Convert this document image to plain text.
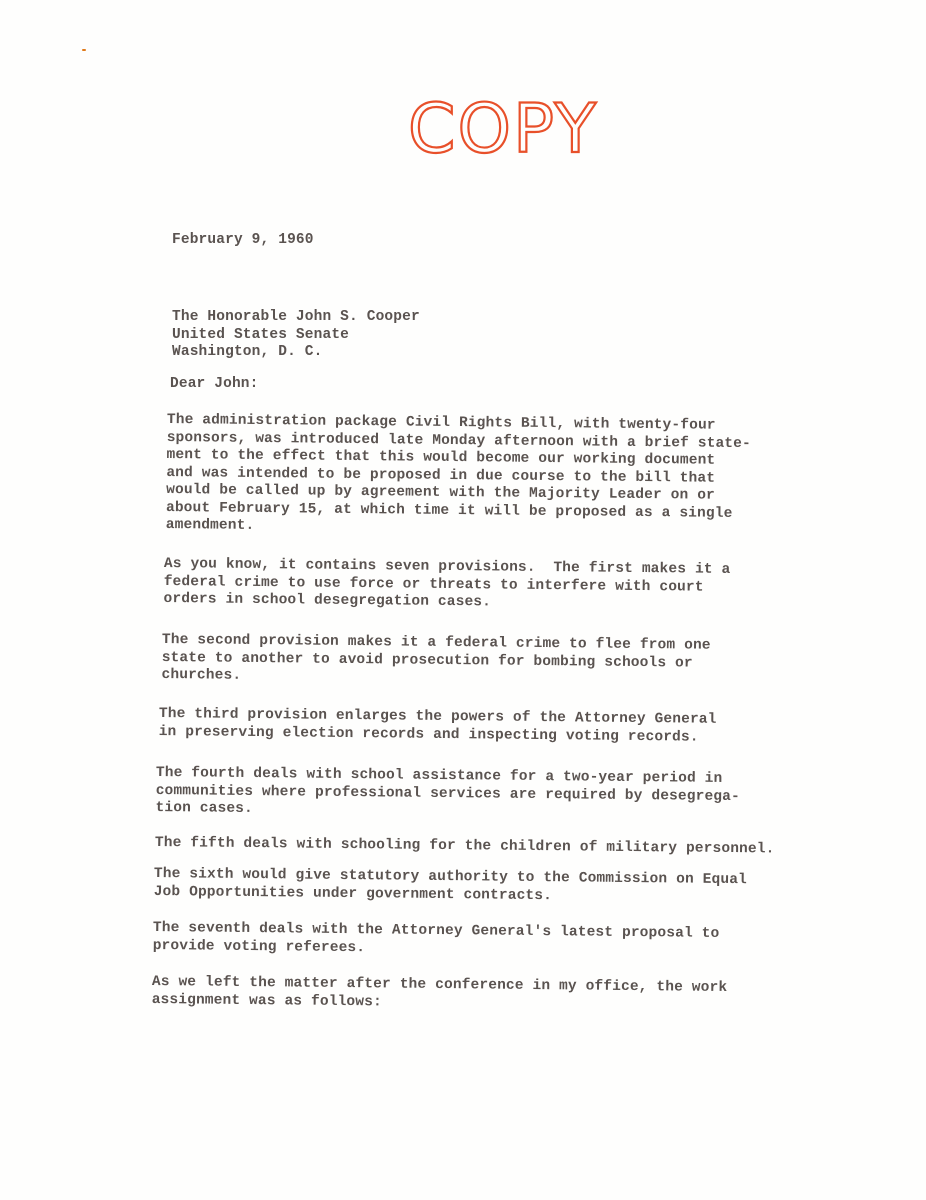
COPY
February 9, 1960
The Honorable John S. Cooper
United States Senate
Washington, D. C.
Dear John:
The administration package Civil Rights Bill, with twenty-four
sponsors, was introduced late Monday afternoon with a brief state-
ment to the effect that this would become our working document
and was intended to be proposed in due course to the bill that
would be called up by agreement with the Majority Leader on or
about February 15, at which time it will be proposed as a single
amendment.
As you know, it contains seven provisions.  The first makes it a
federal crime to use force or threats to interfere with court
orders in school desegregation cases.
The second provision makes it a federal crime to flee from one
state to another to avoid prosecution for bombing schools or
churches.
The third provision enlarges the powers of the Attorney General
in preserving election records and inspecting voting records.
The fourth deals with school assistance for a two-year period in
communities where professional services are required by desegrega-
tion cases.
The fifth deals with schooling for the children of military personnel.
The sixth would give statutory authority to the Commission on Equal
Job Opportunities under government contracts.
The seventh deals with the Attorney General's latest proposal to
provide voting referees.
As we left the matter after the conference in my office, the work
assignment was as follows:
